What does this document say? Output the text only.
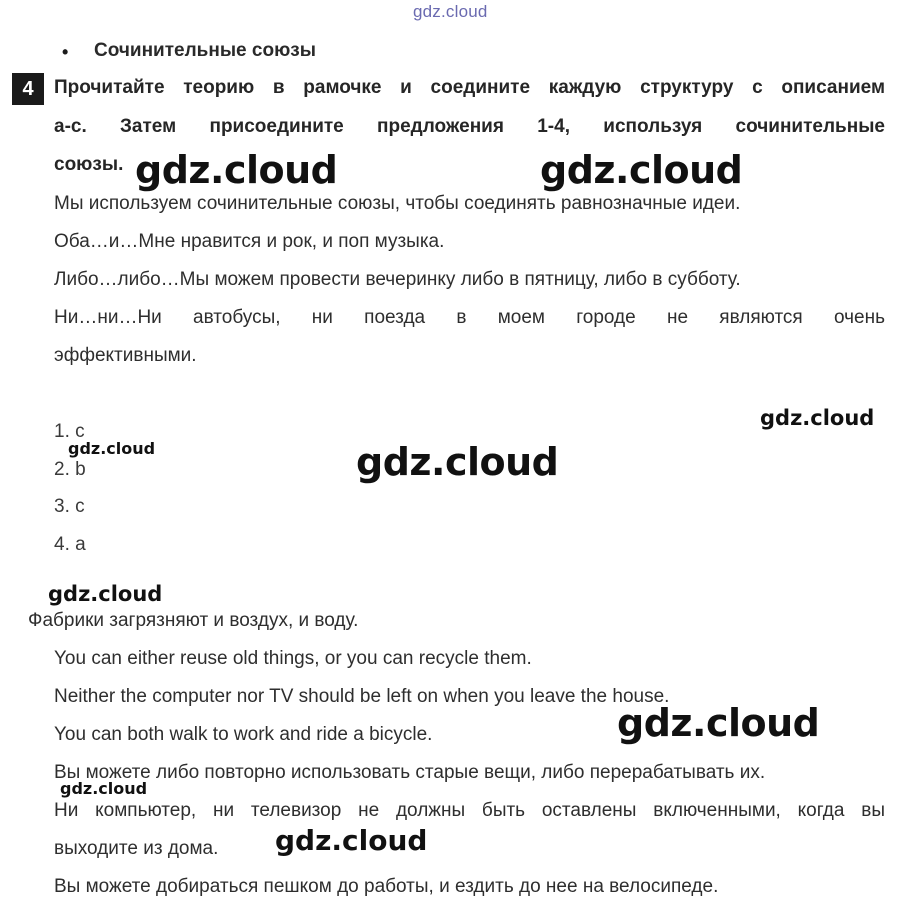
gdz.cloud
• Сочинительные союзы
4	Прочитайте теорию в рамочке и соедините каждую структуру с описанием
a-c. Затем присоедините предложения 1-4, используя сочинительные
союзы.
Мы используем сочинительные союзы, чтобы соединять равнозначные идеи.
Оба…и…Мне нравится и рок, и поп музыка.
Либо…либо…Мы можем провести вечеринку либо в пятницу, либо в субботу.
Ни…ни…Ни автобусы, ни поезда в моем городе не являются очень
эффективными.
1. c
2. b
3. c
4. a
Фабрики загрязняют и воздух, и воду.
You can either reuse old things, or you can recycle them.
Neither the computer nor TV should be left on when you leave the house.
You can both walk to work and ride a bicycle.
Вы можете либо повторно использовать старые вещи, либо перерабатывать их.
Ни компьютер, ни телевизор не должны быть оставлены включенными, когда вы
выходите из дома.
Вы можете добираться пешком до работы, и ездить до нее на велосипеде.
gdz.cloud	gdz.cloud
gdz.cloud
gdz.cloud	gdz.cloud
gdz.cloud
gdz.cloud
gdz.cloud
gdz.cloud
